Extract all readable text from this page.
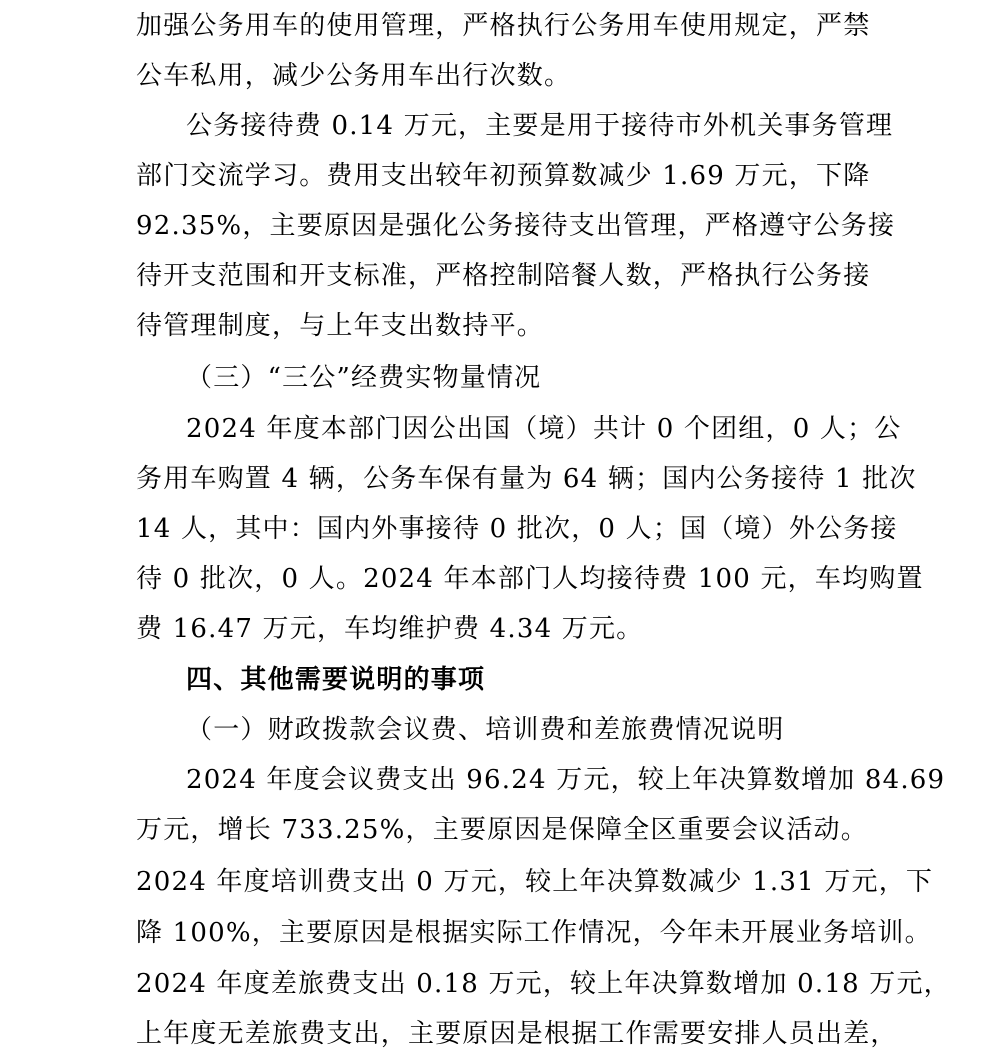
加强公务用车的使用管理，严格执行公务用车使用规定，严禁
公车私用，减少公务用车出行次数。
公务接待费 0.14 万元，主要是用于接待市外机关事务管理
部门交流学习。费用支出较年初预算数减少 1.69 万元，下降
92.35%，主要原因是强化公务接待支出管理，严格遵守公务接
待开支范围和开支标准，严格控制陪餐人数，严格执行公务接
待管理制度，与上年支出数持平。
（三）“三公”经费实物量情况
2024 年度本部门因公出国（境）共计 0 个团组，0 人；公
务用车购置 4 辆，公务车保有量为 64 辆；国内公务接待 1 批次
14 人，其中：国内外事接待 0 批次，0 人；国（境）外公务接
待 0 批次，0 人。2024 年本部门人均接待费 100 元，车均购置
费 16.47 万元，车均维护费 4.34 万元。
四、其他需要说明的事项
（一）财政拨款会议费、培训费和差旅费情况说明
2024 年度会议费支出 96.24 万元，较上年决算数增加 84.69
万元，增长 733.25%，主要原因是保障全区重要会议活动。
2024 年度培训费支出 0 万元，较上年决算数减少 1.31 万元，下
降 100%，主要原因是根据实际工作情况，今年未开展业务培训。
2024 年度差旅费支出 0.18 万元，较上年决算数增加 0.18 万元，
上年度无差旅费支出，主要原因是根据工作需要安排人员出差，
